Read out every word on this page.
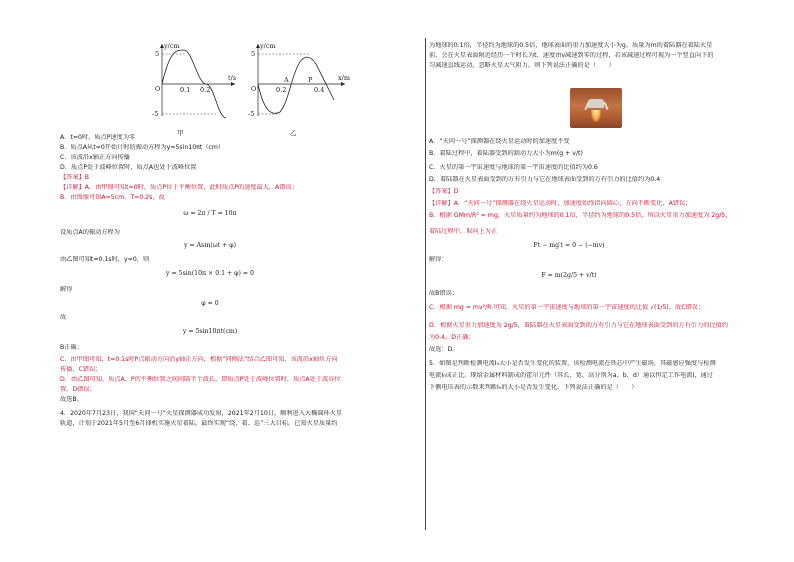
y/cm
t/s
5
-5
O	0.1 0.2
y/cm
x/m
5
-5
O
A	P
0.2	0.4
甲	乙
A．t=0时，质点P速度为零
B．质点A从t=0开始计时的振动方程为y=5sin10πt（cm）
C．该波沿x轴正方向传播
D．质点P处于波峰位置时，质点A也处于波峰位置
【答案】B
【详解】A．由甲图可知t=0时，质点P位于平衡位置，此时质点P的速度最大，A错误；
B．由图像可知A=5cm，T=0.2s，故
ω = 2π / T = 10π
设质点A的振动方程为
y = Asin(ωt + φ)
由乙图可知t=0.1s时，y=0，则
y = 5sin(10π × 0.1 + φ) = 0
解得
φ = 0
故
y = 5sin10πt(cm)
B正确；
C．由甲图可知，t=0.1s时P点振动方向沿y轴正方向，根据“同侧法”结合乙图可知，该波沿x轴负方向
传播，C错误；
D．由乙图可知，质点A、P的平衡位置之间间隔半个波长，即质点P处于波峰位置时，质点A处于波谷位
置，D错误；
故选B。
4．2020年7月23日，我国“天问一号”火星探测器成功发射，2021年2月10日，顺利进入大椭圆环火星
轨道，计划于2021年5月至6月择机实施火星着陆，最终实现“绕、着、巡”三大目标。已知火星质量约
为地球的0.1倍，半径约为地球的0.5倍，地球表面的重力加速度大小为g。质量为m的着陆器在着陆火星
前，会在火星表面附近经历一个时长为t、速度由v减速到零的过程，若该减速过程可视为一个竖直向下的
匀减速直线运动，忽略火星大气阻力。则下列说法正确的是（　　）
A．“天问一号”探测器在绕火星运动时的加速度不变
B．着陆过程中，着陆器受到的制动力大小为m(g + v/t)
C．火星的第一宇宙速度与地球的第一宇宙速度的比值约为0.6
D．着陆器在火星表面受到的万有引力与它在地球表面受到的万有引力的比值约为0.4
【答案】D
【详解】A．“天问一号”探测器在绕火星运动时，加速度始终指向圆心，方向不断变化，A错误；
B．根据 GMm/R² = mg，火星质量约为地球的0.1倍，半径约为地球的0.5倍，所以火星重力加速度为 2g/5，
着陆过程中，取向上为正
Ft − mg′t = 0 − (−mv)
解得：
F = m(2g/5 + v/t)
故B错误；
C．根据 mg = mv²/R 可知，火星的第一宇宙速度与地球的第一宇宙速度的比值 √(1/5)，故C错误；
D．根据火星重力加速度为 2g/5，着陆器在火星表面受到的万有引力与它在地球表面受到的万有引力的比值约
为0.4，D正确；
故选：D。
5．如图是判断检测电流I₀大小是否发生变化的装置，该检测电流在铁芯中产生磁场，其磁感应强度与检测
电流I₀成正比。现给金属材料制成的霍尔元件（其长、宽、高分别为a、b、d）通以恒定工作电流I，通过
下侧电压表的示数来判断I₀的大小是否发生变化，下列说法正确的是（　　）
